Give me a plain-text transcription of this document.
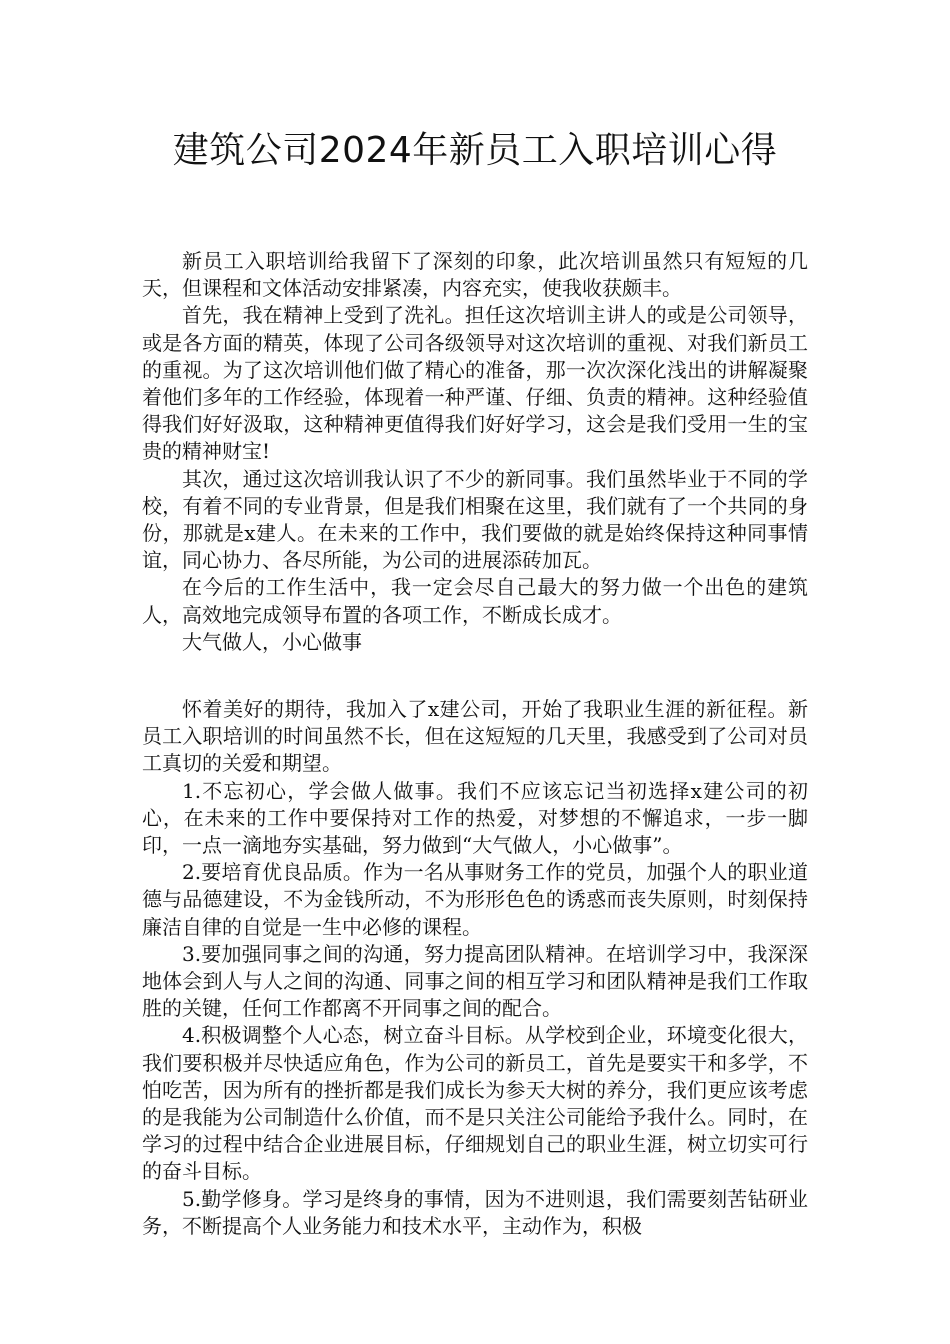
建筑公司2024年新员工入职培训心得

新员工入职培训给我留下了深刻的印象，此次培训虽然只有短短的几天，但课程和文体活动安排紧凑，内容充实，使我收获颇丰。

首先，我在精神上受到了洗礼。担任这次培训主讲人的或是公司领导，或是各方面的精英，体现了公司各级领导对这次培训的重视、对我们新员工的重视。为了这次培训他们做了精心的准备，那一次次深化浅出的讲解凝聚着他们多年的工作经验，体现着一种严谨、仔细、负责的精神。这种经验值得我们好好汲取，这种精神更值得我们好好学习，这会是我们受用一生的宝贵的精神财宝!

其次，通过这次培训我认识了不少的新同事。我们虽然毕业于不同的学校，有着不同的专业背景，但是我们相聚在这里，我们就有了一个共同的身份，那就是x建人。在未来的工作中，我们要做的就是始终保持这种同事情谊，同心协力、各尽所能，为公司的进展添砖加瓦。

在今后的工作生活中，我一定会尽自己最大的努力做一个出色的建筑人，高效地完成领导布置的各项工作，不断成长成才。

大气做人，小心做事

怀着美好的期待，我加入了x建公司，开始了我职业生涯的新征程。新员工入职培训的时间虽然不长，但在这短短的几天里，我感受到了公司对员工真切的关爱和期望。

1.不忘初心，学会做人做事。我们不应该忘记当初选择x建公司的初心，在未来的工作中要保持对工作的热爱，对梦想的不懈追求，一步一脚印，一点一滴地夯实基础，努力做到“大气做人，小心做事”。

2.要培育优良品质。作为一名从事财务工作的党员，加强个人的职业道德与品德建设，不为金钱所动，不为形形色色的诱惑而丧失原则，时刻保持廉洁自律的自觉是一生中必修的课程。

3.要加强同事之间的沟通，努力提高团队精神。在培训学习中，我深深地体会到人与人之间的沟通、同事之间的相互学习和团队精神是我们工作取胜的关键，任何工作都离不开同事之间的配合。

4.积极调整个人心态，树立奋斗目标。从学校到企业，环境变化很大，我们要积极并尽快适应角色，作为公司的新员工，首先是要实干和多学，不怕吃苦，因为所有的挫折都是我们成长为参天大树的养分，我们更应该考虑的是我能为公司制造什么价值，而不是只关注公司能给予我什么。同时，在学习的过程中结合企业进展目标，仔细规划自己的职业生涯，树立切实可行的奋斗目标。

5.勤学修身。学习是终身的事情，因为不进则退，我们需要刻苦钻研业务，不断提高个人业务能力和技术水平，主动作为，积极
